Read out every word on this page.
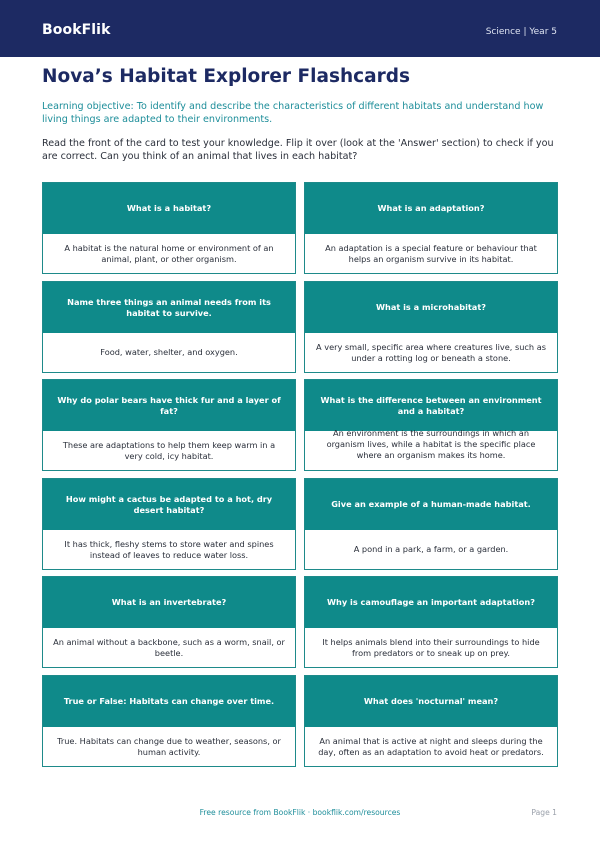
BookFlik	Science | Year 5
Nova’s Habitat Explorer Flashcards
Learning objective: To identify and describe the characteristics of different habitats and understand how living things are adapted to their environments.
Read the front of the card to test your knowledge. Flip it over (look at the 'Answer' section) to check if you are correct. Can you think of an animal that lives in each habitat?
What is a habitat?
A habitat is the natural home or environment of an animal, plant, or other organism.
What is an adaptation?
An adaptation is a special feature or behaviour that helps an organism survive in its habitat.
Name three things an animal needs from its habitat to survive.
Food, water, shelter, and oxygen.
What is a microhabitat?
A very small, specific area where creatures live, such as under a rotting log or beneath a stone.
Why do polar bears have thick fur and a layer of fat?
These are adaptations to help them keep warm in a very cold, icy habitat.
What is the difference between an environment and a habitat?
An environment is the surroundings in which an organism lives, while a habitat is the specific place where an organism makes its home.
How might a cactus be adapted to a hot, dry desert habitat?
It has thick, fleshy stems to store water and spines instead of leaves to reduce water loss.
Give an example of a human-made habitat.
A pond in a park, a farm, or a garden.
What is an invertebrate?
An animal without a backbone, such as a worm, snail, or beetle.
Why is camouflage an important adaptation?
It helps animals blend into their surroundings to hide from predators or to sneak up on prey.
True or False: Habitats can change over time.
True. Habitats can change due to weather, seasons, or human activity.
What does 'nocturnal' mean?
An animal that is active at night and sleeps during the day, often as an adaptation to avoid heat or predators.
Free resource from BookFlik · bookflik.com/resources	Page 1
